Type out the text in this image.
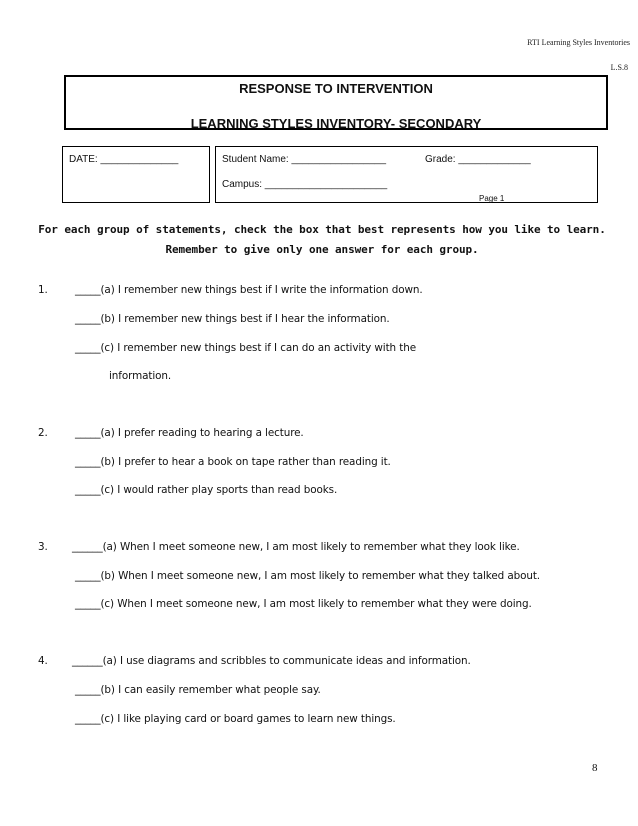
RTI Learning Styles Inventories
L.S.8
RESPONSE TO INTERVENTION
LEARNING STYLES INVENTORY- SECONDARY
DATE: ______________	Student Name: _________________	Grade: _____________
Campus: ______________________
Page 1
For each group of statements, check the box that best represents how you like to learn.
Remember to give only one answer for each group.
1.	_____(a) I remember new things best if I write the information down.
_____(b) I remember new things best if I hear the information.
_____(c) I remember new things best if I can do an activity with the
information.
2.	_____(a) I prefer reading to hearing a lecture.
_____(b) I prefer to hear a book on tape rather than reading it.
_____(c) I would rather play sports than read books.
3. ______(a) When I meet someone new, I am most likely to remember what they look like.
_____(b) When I meet someone new, I am most likely to remember what they talked about.
_____(c) When I meet someone new, I am most likely to remember what they were doing.
4. ______(a) I use diagrams and scribbles to communicate ideas and information.
_____(b) I can easily remember what people say.
_____(c) I like playing card or board games to learn new things.
8
